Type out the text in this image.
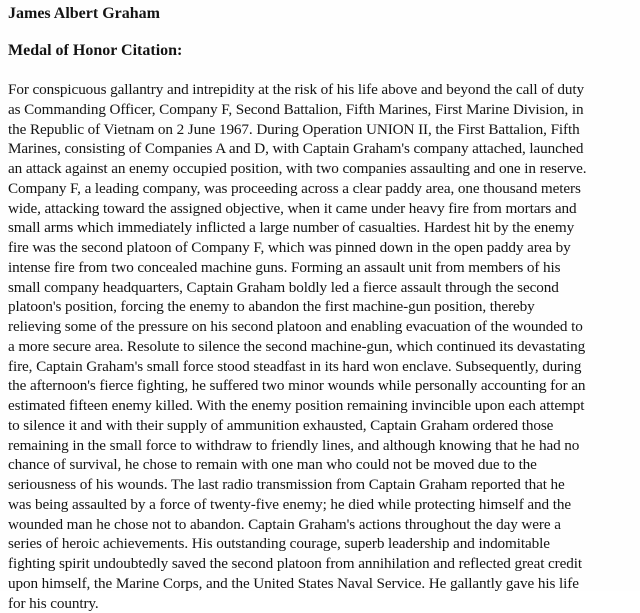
James Albert Graham
Medal of Honor Citation:
For conspicuous gallantry and intrepidity at the risk of his life above and beyond the call of duty
as Commanding Officer, Company F, Second Battalion, Fifth Marines, First Marine Division, in
the Republic of Vietnam on 2 June 1967. During Operation UNION II, the First Battalion, Fifth
Marines, consisting of Companies A and D, with Captain Graham's company attached, launched
an attack against an enemy occupied position, with two companies assaulting and one in reserve.
Company F, a leading company, was proceeding across a clear paddy area, one thousand meters
wide, attacking toward the assigned objective, when it came under heavy fire from mortars and
small arms which immediately inflicted a large number of casualties. Hardest hit by the enemy
fire was the second platoon of Company F, which was pinned down in the open paddy area by
intense fire from two concealed machine guns. Forming an assault unit from members of his
small company headquarters, Captain Graham boldly led a fierce assault through the second
platoon's position, forcing the enemy to abandon the first machine-gun position, thereby
relieving some of the pressure on his second platoon and enabling evacuation of the wounded to
a more secure area. Resolute to silence the second machine-gun, which continued its devastating
fire, Captain Graham's small force stood steadfast in its hard won enclave. Subsequently, during
the afternoon's fierce fighting, he suffered two minor wounds while personally accounting for an
estimated fifteen enemy killed. With the enemy position remaining invincible upon each attempt
to silence it and with their supply of ammunition exhausted, Captain Graham ordered those
remaining in the small force to withdraw to friendly lines, and although knowing that he had no
chance of survival, he chose to remain with one man who could not be moved due to the
seriousness of his wounds. The last radio transmission from Captain Graham reported that he
was being assaulted by a force of twenty-five enemy; he died while protecting himself and the
wounded man he chose not to abandon. Captain Graham's actions throughout the day were a
series of heroic achievements. His outstanding courage, superb leadership and indomitable
fighting spirit undoubtedly saved the second platoon from annihilation and reflected great credit
upon himself, the Marine Corps, and the United States Naval Service. He gallantly gave his life
for his country.
